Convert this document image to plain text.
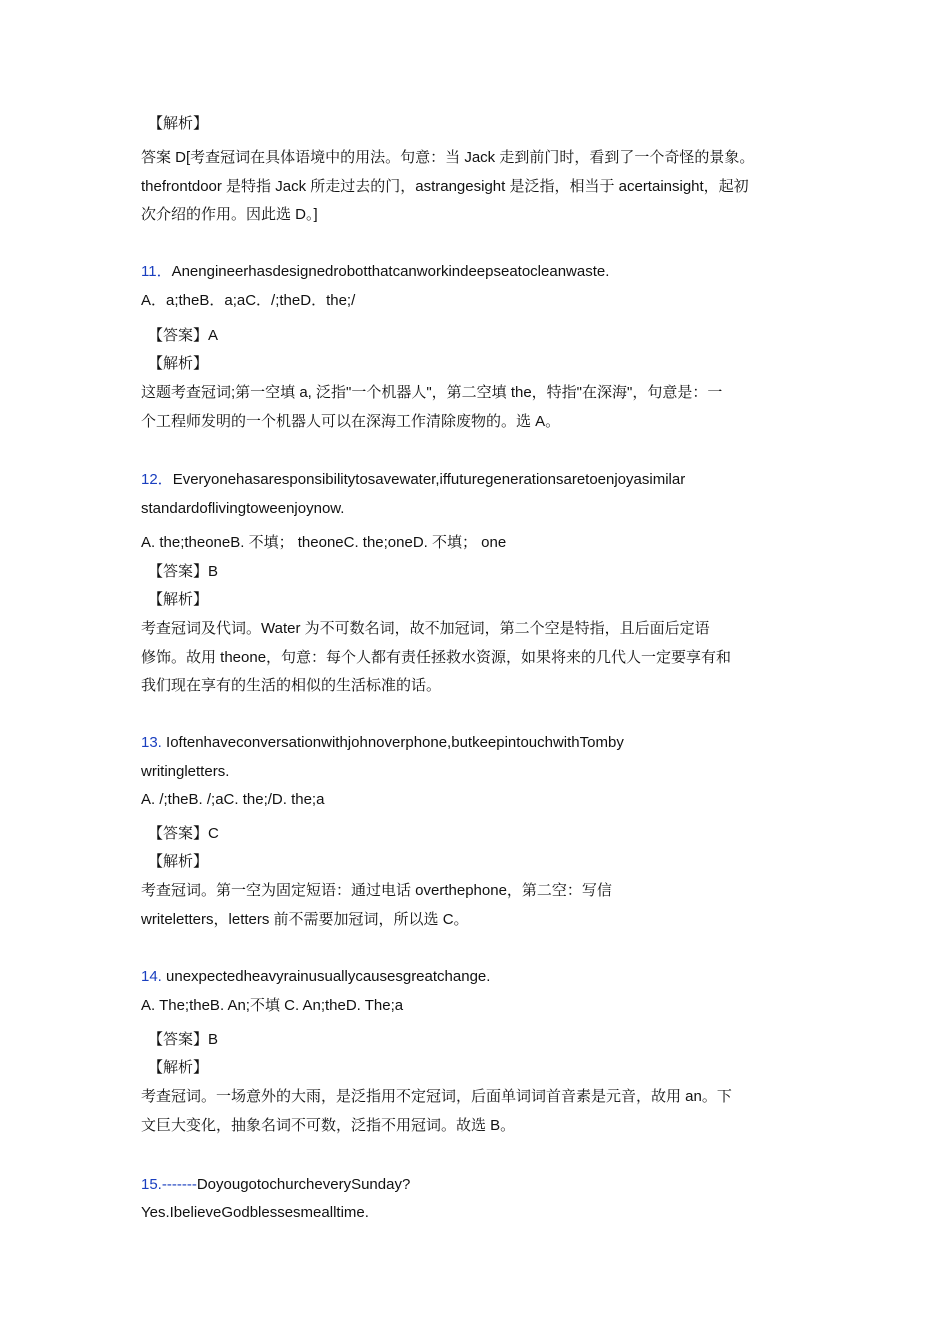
【解析】
答案 D[考查冠词在具体语境中的用法。句意：当 Jack 走到前门时，看到了一个奇怪的景象。
thefrontdoor 是特指 Jack 所走过去的门，astrangesight 是泛指，相当于 acertainsight，起初
次介绍的作用。因此选 D。]
11．Anengineerhasdesignedrobotthatcanworkindeepseatocleanwaste.
A．a;theB．a;aC．/;theD．the;/
【答案】A
【解析】
这题考查冠词;第一空填 a, 泛指"一个机器人"，第二空填 the，特指"在深海"，句意是：一
个工程师发明的一个机器人可以在深海工作清除废物的。选 A。
12．Everyonehasaresponsibilitytosavewater,iffuturegenerationsaretoenjoyasimilar
standardoflivingtoweenjoynow.
A. the;theoneB. 不填； theoneC. the;oneD. 不填； one
【答案】B
【解析】
考查冠词及代词。Water 为不可数名词，故不加冠词，第二个空是特指，且后面后定语
修饰。故用 theone，句意：每个人都有责任拯救水资源，如果将来的几代人一定要享有和
我们现在享有的生活的相似的生活标准的话。
13. Ioftenhaveconversationwithjohnoverphone,butkeepintouchwithTomby
writingletters.
A. /;theB. /;aC. the;/D. the;a
【答案】C
【解析】
考查冠词。第一空为固定短语：通过电话 overthephone，第二空：写信
writeletters，letters 前不需要加冠词，所以选 C。
14. unexpectedheavyrainusuallycausesgreatchange.
A. The;theB. An;不填 C. An;theD. The;a
【答案】B
【解析】
考查冠词。一场意外的大雨，是泛指用不定冠词，后面单词词首音素是元音，故用 an。下
文巨大变化，抽象名词不可数，泛指不用冠词。故选 B。
15.-------DoyougotochurcheverySunday?
Yes.IbelieveGodblessesmealltime.
